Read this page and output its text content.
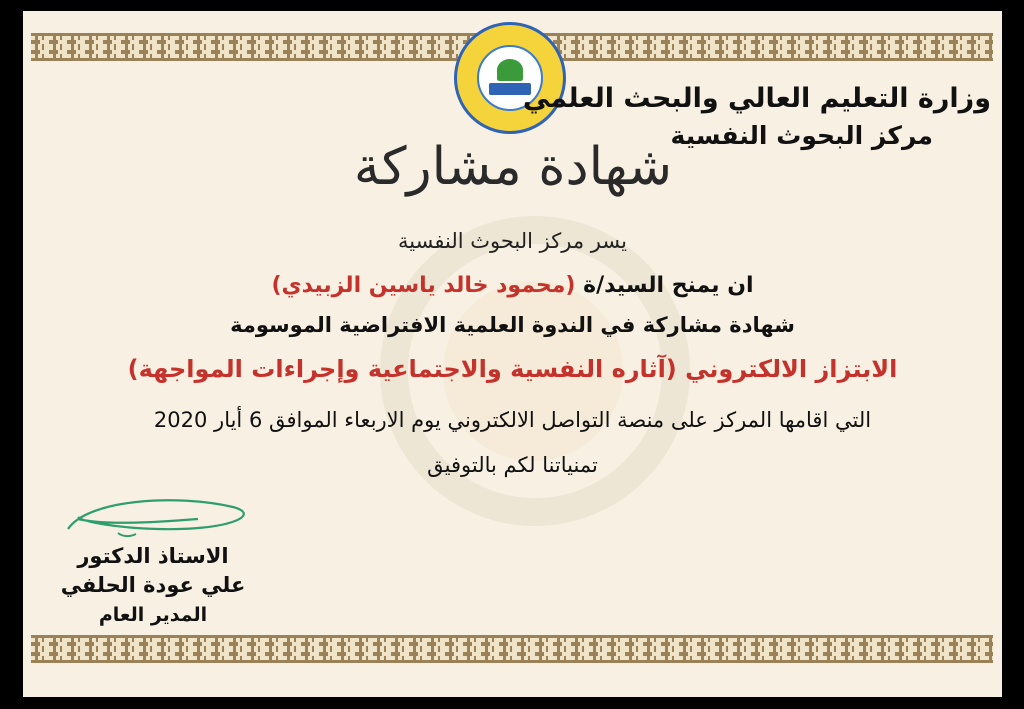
وزارة التعليم العالي والبحث العلمي
مركز البحوث النفسية
شهادة مشاركة
يسر مركز البحوث النفسية
ان يمنح السيد/ة (محمود خالد ياسين الزبيدي)
شهادة مشاركة في الندوة العلمية الافتراضية الموسومة
الابتزاز الالكتروني (آثاره النفسية والاجتماعية وإجراءات المواجهة)
التي اقامها المركز على منصة التواصل الالكتروني يوم الاربعاء الموافق 6 أيار 2020
تمنياتنا لكم بالتوفيق
الاستاذ الدكتور
علي عودة الحلفي
المدير العام
